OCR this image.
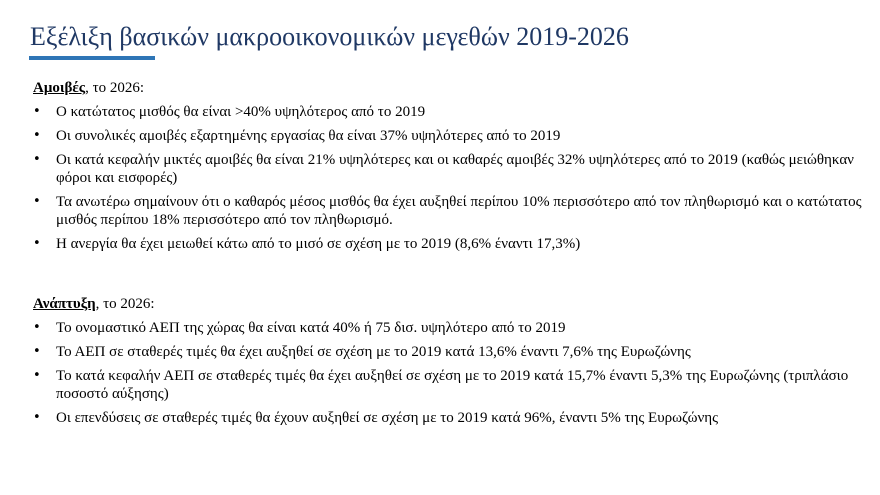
Εξέλιξη βασικών μακροοικονομικών μεγεθών 2019-2026

Αμοιβές, το 2026:

• Ο κατώτατος μισθός θα είναι >40% υψηλότερος από το 2019
• Οι συνολικές αμοιβές εξαρτημένης εργασίας θα είναι 37% υψηλότερες από το 2019
• Οι κατά κεφαλήν μικτές αμοιβές θα είναι 21% υψηλότερες και οι καθαρές αμοιβές 32% υψηλότερες από το 2019 (καθώς μειώθηκαν φόροι και εισφορές)
• Τα ανωτέρω σημαίνουν ότι ο καθαρός μέσος μισθός θα έχει αυξηθεί περίπου 10% περισσότερο από τον πληθωρισμό και ο κατώτατος μισθός περίπου 18% περισσότερο από τον πληθωρισμό.
• Η ανεργία θα έχει μειωθεί κάτω από το μισό σε σχέση με το 2019 (8,6% έναντι 17,3%)

Ανάπτυξη, το 2026:

• Το ονομαστικό ΑΕΠ της χώρας θα είναι κατά 40% ή 75 δισ. υψηλότερο από το 2019
• Το ΑΕΠ σε σταθερές τιμές θα έχει αυξηθεί σε σχέση με το 2019 κατά 13,6% έναντι 7,6% της Ευρωζώνης
• Το κατά κεφαλήν ΑΕΠ σε σταθερές τιμές θα έχει αυξηθεί σε σχέση με το 2019 κατά 15,7% έναντι 5,3% της Ευρωζώνης (τριπλάσιο ποσοστό αύξησης)
• Οι επενδύσεις σε σταθερές τιμές θα έχουν αυξηθεί σε σχέση με το 2019 κατά 96%, έναντι 5% της Ευρωζώνης
